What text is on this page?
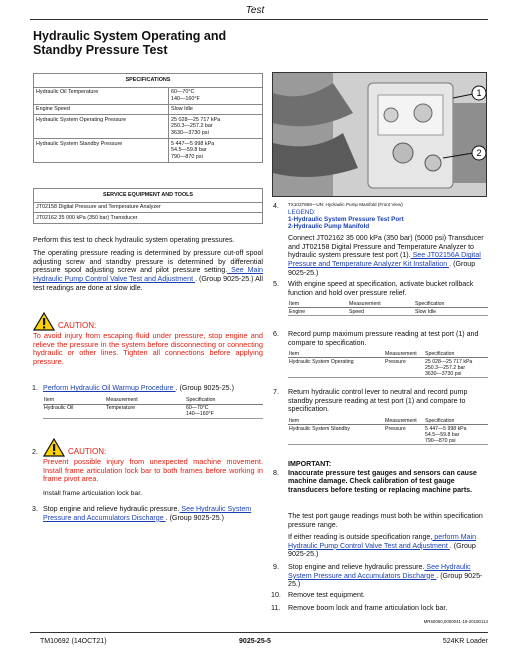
Test
Hydraulic System Operating and Standby Pressure Test
SPECIFICATIONS	
Hydraulic Oil Temperature	60—70°C
140—160°F

Engine Speed	Slow Idle

Hydraulic System Operating Pressure	25 028—25 717 kPa
250.3—257.2 bar
3630—3730 psi

Hydraulic System Standby Pressure	5 447—5 998 kPa
54.5—59.8 bar
790—870 psi
SERVICE EQUIPMENT AND TOOLS
JT02158 Digital Pressure and Temperature Analyzer
JT02162 35 000 kPa (350 bar) Transducer
Perform this test to check hydraulic system operating pressures.
The operating pressure reading is determined by pressure cut-off spool adjusting screw and standby pressure is determined by differential pressure spool adjusting screw and pilot pressure setting. See Main Hydraulic Pump Control Valve Test and Adjustment . (Group 9025-25.) All test readings are done at slow idle.
CAUTION:
To avoid injury from escaping fluid under pressure, stop engine and relieve the pressure in the system before disconnecting or connecting hydraulic or other lines. Tighten all connections before applying pressure.
1. Perform Hydraulic Oil Warmup Procedure . (Group 9025-25.)
Item	Measurement	Specification
Hydraulic Oil	Temperature	60—70°C
140—160°F
2.	CAUTION:
Prevent possible injury from unexpected machine movement. Install frame articulation lock bar to both frames before working in frame pivot area.
Install frame articulation lock bar.
3. Stop engine and relieve hydraulic pressure. See Hydraulic System Pressure and Accumulators Discharge . (Group 9025-25.)
1
2
TX1037869—UN: Hydraulic Pump Manifold (Front View)
LEGEND:
1-Hydraulic System Pressure Test Port
2-Hydraulic Pump Manifold
4.
Connect JT02162 35 000 kPa (350 bar) (5000 psi) Transducer and JT02158 Digital Pressure and Temperature Analyzer to hydraulic system pressure test port (1). See JT02156A Digital Pressure and Temperature Analyzer Kit Installation . (Group 9025-25.)
5. With engine speed at specification, activate bucket rollback function and hold over pressure relief.
Item	Measurement	Specification
Engine	Speed	Slow Idle
6. Record pump maximum pressure reading at test port (1) and compare to specification.
Item	Measurement	Specification
Hydraulic System Operating	Pressure	25 028—25 717 kPa
250.3—257.2 bar
3630—3730 psi
7. Return hydraulic control lever to neutral and record pump standby pressure reading at test port (1) and compare to specification.
Item	Measurement	Specification
Hydraulic System Standby	Pressure	5 447—5 998 kPa
54.5—59.8 bar
790—870 psi
IMPORTANT:
8. Inaccurate pressure test gauges and sensors can cause machine damage. Check calibration of test gauge transducers before testing or replacing machine parts.
The test port gauge readings must both be within specification pressure range.
If either reading is outside specification range, perform Main Hydraulic Pump Control Valve Test and Adjustment . (Group 9025-25.)
9. Stop engine and relieve hydraulic pressure. See Hydraulic System Pressure and Accumulators Discharge . (Group 9025-25.)
10. Remove test equipment.
11. Remove boom lock and frame articulation lock bar.
MR50060,0000041-19-20180114
TM10692 (14OCT21)	9025-25-5	524KR Loader
